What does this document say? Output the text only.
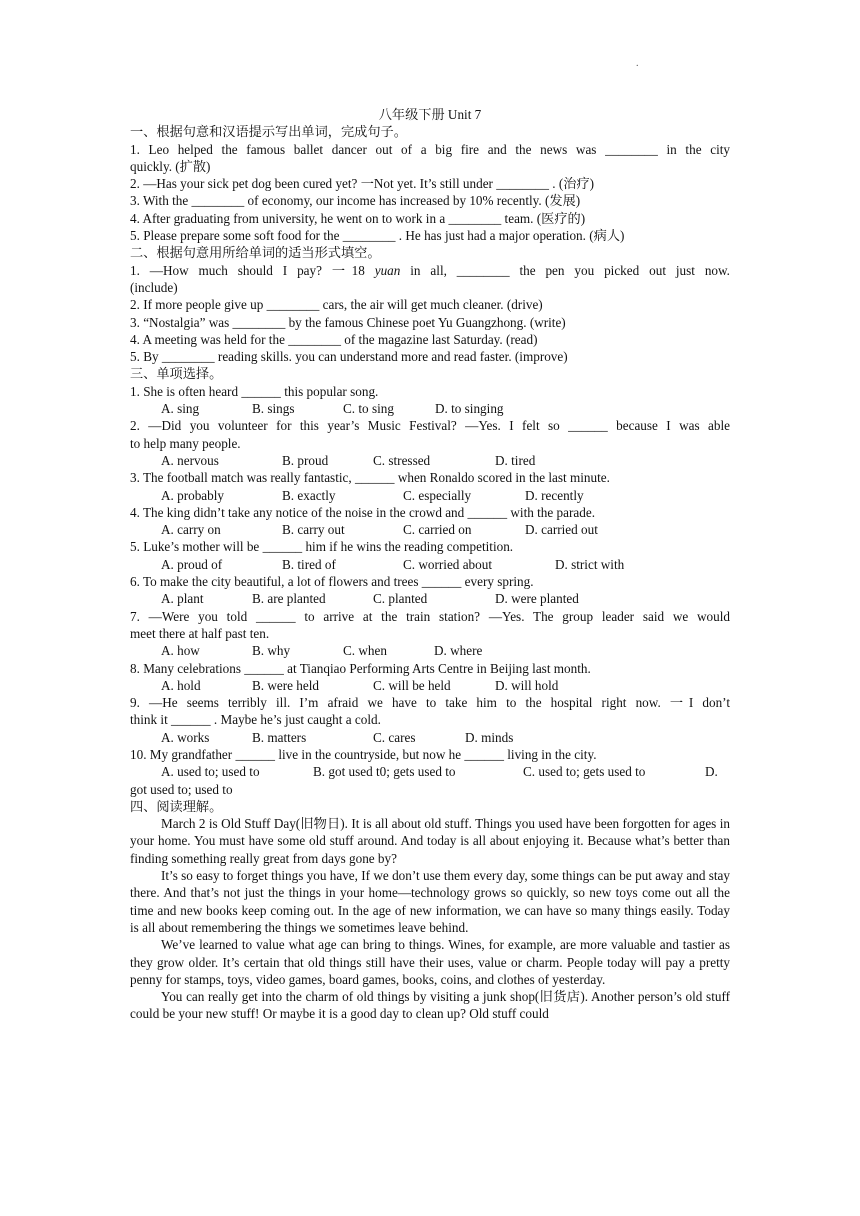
.
八年级下册 Unit 7
一、根据句意和汉语提示写出单词，完成句子。
1. Leo helped the famous ballet dancer out of a big fire and the news was ________ in the city
quickly. (扩散)
2. —Has your sick pet dog been cured yet? 一Not yet. It’s still under ________ . (治疗)
3. With the ________ of economy, our income has increased by 10% recently. (发展)
4. After graduating from university, he went on to work in a ________ team. (医疗的)
5. Please prepare some soft food for the ________ . He has just had a major operation. (病人)
二、根据句意用所给单词的适当形式填空。
1. —How much should I pay? 一18 yuan in all, ________ the pen you picked out just now.
(include)
2. If more people give up ________ cars, the air will get much cleaner. (drive)
3. “Nostalgia” was ________ by the famous Chinese poet Yu Guangzhong. (write)
4. A meeting was held for the ________ of the magazine last Saturday. (read)
5. By ________ reading skills. you can understand more and read faster. (improve)
三、单项选择。
1. She is often heard ______ this popular song.
A. sing	B. sings	C. to sing	D. to singing
2. —Did you volunteer for this year’s Music Festival? —Yes. I felt so ______ because I was able
to help many people.
A. nervous	B. proud	C. stressed	D. tired
3. The football match was really fantastic, ______ when Ronaldo scored in the last minute.
A. probably	B. exactly	C. especially	D. recently
4. The king didn’t take any notice of the noise in the crowd and ______ with the parade.
A. carry on	B. carry out	C. carried on	D. carried out
5. Luke’s mother will be ______ him if he wins the reading competition.
A. proud of	B. tired of	C. worried about	D. strict with
6. To make the city beautiful, a lot of flowers and trees ______ every spring.
A. plant	B. are planted	C. planted	D. were planted
7. —Were you told ______ to arrive at the train station? —Yes. The group leader said we would
meet there at half past ten.
A. how	B. why	C. when	D. where
8. Many celebrations ______ at Tianqiao Performing Arts Centre in Beijing last month.
A. hold	B. were held	C. will be held	D. will hold
9. —He seems terribly ill. I’m afraid we have to take him to the hospital right now. 一I don’t
think it ______ . Maybe he’s just caught a cold.
A. works	B. matters	C. cares	D. minds
10. My grandfather ______ live in the countryside, but now he ______ living in the city.
A. used to; used to	B. got used t0; gets used to	C. used to; gets used to	D.
got used to; used to
四、阅读理解。
March 2 is Old Stuff Day(旧物日). It is all about old stuff. Things you used have been forgotten for ages in your home. You must have some old stuff around. And today is all about enjoying it. Because what’s better than finding something really great from days gone by?
It’s so easy to forget things you have, If we don’t use them every day, some things can be put away and stay there. And that’s not just the things in your home—technology grows so quickly, so new toys come out all the time and new books keep coming out. In the age of new information, we can have so many things easily. Today is all about remembering the things we sometimes leave behind.
We’ve learned to value what age can bring to things. Wines, for example, are more valuable and tastier as they grow older. It’s certain that old things still have their uses, value or charm. People today will pay a pretty penny for stamps, toys, video games, board games, books, coins, and clothes of yesterday.
You can really get into the charm of old things by visiting a junk shop(旧货店). Another person’s old stuff could be your new stuff! Or maybe it is a good day to clean up? Old stuff could
